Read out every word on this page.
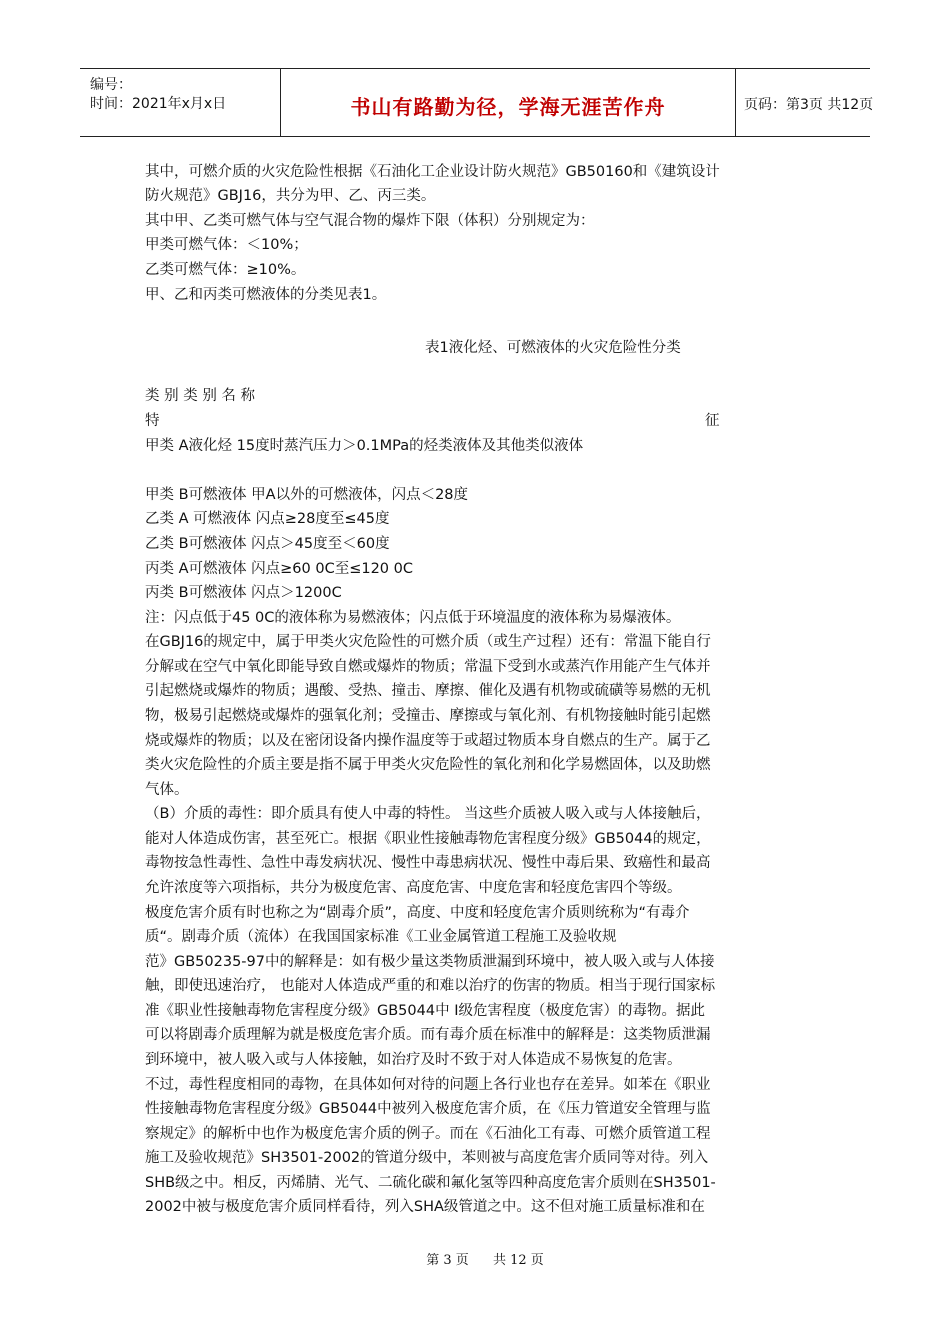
编号：
时间：2021年x月x日	书山有路勤为径，学海无涯苦作舟	页码：第3页 共12页
其中，可燃介质的火灾危险性根据《石油化工企业设计防火规范》GB50160和《建筑设计
防火规范》GBJ16，共分为甲、乙、丙三类。
其中甲、乙类可燃气体与空气混合物的爆炸下限（体积）分别规定为：
甲类可燃气体：＜10%；
乙类可燃气体：≥10%。
甲、乙和丙类可燃液体的分类见表1。
表1液化烃、可燃液体的火灾危险性分类
类 别 类 别 名 称
特	征
甲类 A液化烃 15度时蒸汽压力＞0.1MPa的烃类液体及其他类似液体
甲类 B可燃液体 甲A以外的可燃液体，闪点＜28度
乙类 A 可燃液体 闪点≥28度至≤45度
乙类 B可燃液体 闪点＞45度至＜60度
丙类 A可燃液体 闪点≥60 0C至≤120 0C
丙类 B可燃液体 闪点＞1200C
注：闪点低于45 0C的液体称为易燃液体；闪点低于环境温度的液体称为易爆液体。
在GBJ16的规定中，属于甲类火灾危险性的可燃介质（或生产过程）还有：常温下能自行
分解或在空气中氧化即能导致自燃或爆炸的物质；常温下受到水或蒸汽作用能产生气体并
引起燃烧或爆炸的物质；遇酸、受热、撞击、摩擦、催化及遇有机物或硫磺等易燃的无机
物，极易引起燃烧或爆炸的强氧化剂；受撞击、摩擦或与氧化剂、有机物接触时能引起燃
烧或爆炸的物质；以及在密闭设备内操作温度等于或超过物质本身自燃点的生产。属于乙
类火灾危险性的介质主要是指不属于甲类火灾危险性的氧化剂和化学易燃固体，以及助燃
气体。
（B）介质的毒性：即介质具有使人中毒的特性。 当这些介质被人吸入或与人体接触后，
能对人体造成伤害，甚至死亡。根据《职业性接触毒物危害程度分级》GB5044的规定，
毒物按急性毒性、急性中毒发病状况、慢性中毒患病状况、慢性中毒后果、致癌性和最高
允许浓度等六项指标，共分为极度危害、高度危害、中度危害和轻度危害四个等级。
极度危害介质有时也称之为“剧毒介质”，高度、中度和轻度危害介质则统称为“有毒介
质“。剧毒介质（流体）在我国国家标准《工业金属管道工程施工及验收规
范》GB50235-97中的解释是：如有极少量这类物质泄漏到环境中，被人吸入或与人体接
触，即使迅速治疗， 也能对人体造成严重的和难以治疗的伤害的物质。相当于现行国家标
准《职业性接触毒物危害程度分级》GB5044中 Ⅰ级危害程度（极度危害）的毒物。据此
可以将剧毒介质理解为就是极度危害介质。而有毒介质在标准中的解释是：这类物质泄漏
到环境中，被人吸入或与人体接触，如治疗及时不致于对人体造成不易恢复的危害。
不过，毒性程度相同的毒物，在具体如何对待的问题上各行业也存在差异。如苯在《职业
性接触毒物危害程度分级》GB5044中被列入极度危害介质，在《压力管道安全管理与监
察规定》的解析中也作为极度危害介质的例子。而在《石油化工有毒、可燃介质管道工程
施工及验收规范》SH3501-2002的管道分级中，苯则被与高度危害介质同等对待。列入
SHB级之中。相反，丙烯腈、光气、二硫化碳和氟化氢等四种高度危害介质则在SH3501-
2002中被与极度危害介质同样看待，列入SHA级管道之中。这不但对施工质量标准和在
第 3 页 共 12 页
